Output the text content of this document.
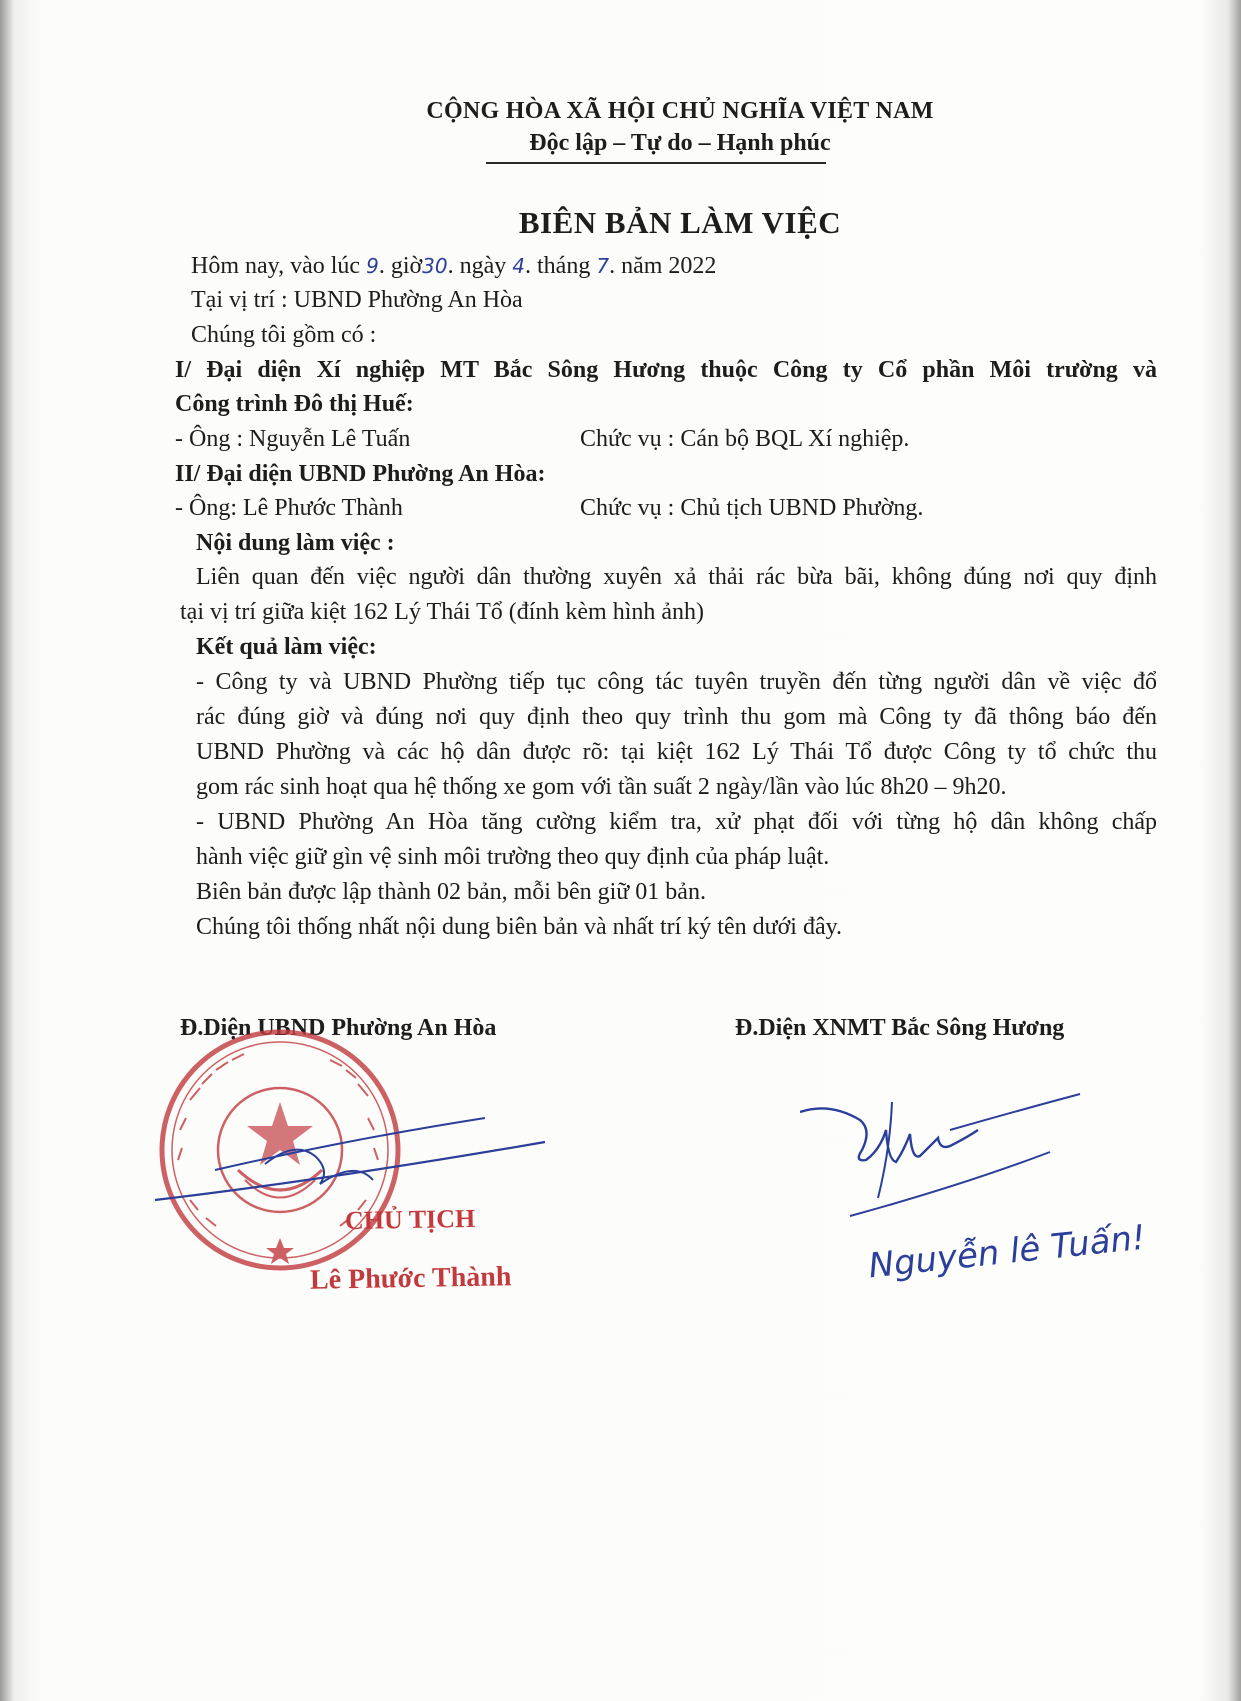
CỘNG HÒA XÃ HỘI CHỦ NGHĨA VIỆT NAM
Độc lập – Tự do – Hạnh phúc
BIÊN BẢN LÀM VIỆC
Hôm nay, vào lúc 9. giờ30. ngày 4. tháng 7. năm 2022
Tại vị trí : UBND Phường An Hòa
Chúng tôi gồm có :
I/ Đại diện Xí nghiệp MT Bắc Sông Hương thuộc Công ty Cổ phần Môi trường và
Công trình Đô thị Huế:
- Ông : Nguyễn Lê Tuấn	Chức vụ : Cán bộ BQL Xí nghiệp.
II/ Đại diện UBND Phường An Hòa:
- Ông: Lê Phước Thành	Chức vụ : Chủ tịch UBND Phường.
Nội dung làm việc :
Liên quan đến việc người dân thường xuyên xả thải rác bừa bãi, không đúng nơi quy định
tại vị trí giữa kiệt 162 Lý Thái Tổ (đính kèm hình ảnh)
Kết quả làm việc:
- Công ty và UBND Phường tiếp tục công tác tuyên truyền đến từng người dân về việc đổ
rác đúng giờ và đúng nơi quy định theo quy trình thu gom mà Công ty đã thông báo đến
UBND Phường và các hộ dân được rõ: tại kiệt 162 Lý Thái Tổ được Công ty tổ chức thu
gom rác sinh hoạt qua hệ thống xe gom với tần suất 2 ngày/lần vào lúc 8h20 – 9h20.
- UBND Phường An Hòa tăng cường kiểm tra, xử phạt đối với từng hộ dân không chấp
hành việc giữ gìn vệ sinh môi trường theo quy định của pháp luật.
Biên bản được lập thành 02 bản, mỗi bên giữ 01 bản.
Chúng tôi thống nhất nội dung biên bản và nhất trí ký tên dưới đây.
Đ.Diện UBND Phường An Hòa	Đ.Diện XNMT Bắc Sông Hương
CHỦ TỊCH
Lê Phước Thành	Nguyễn lê Tuấn!
